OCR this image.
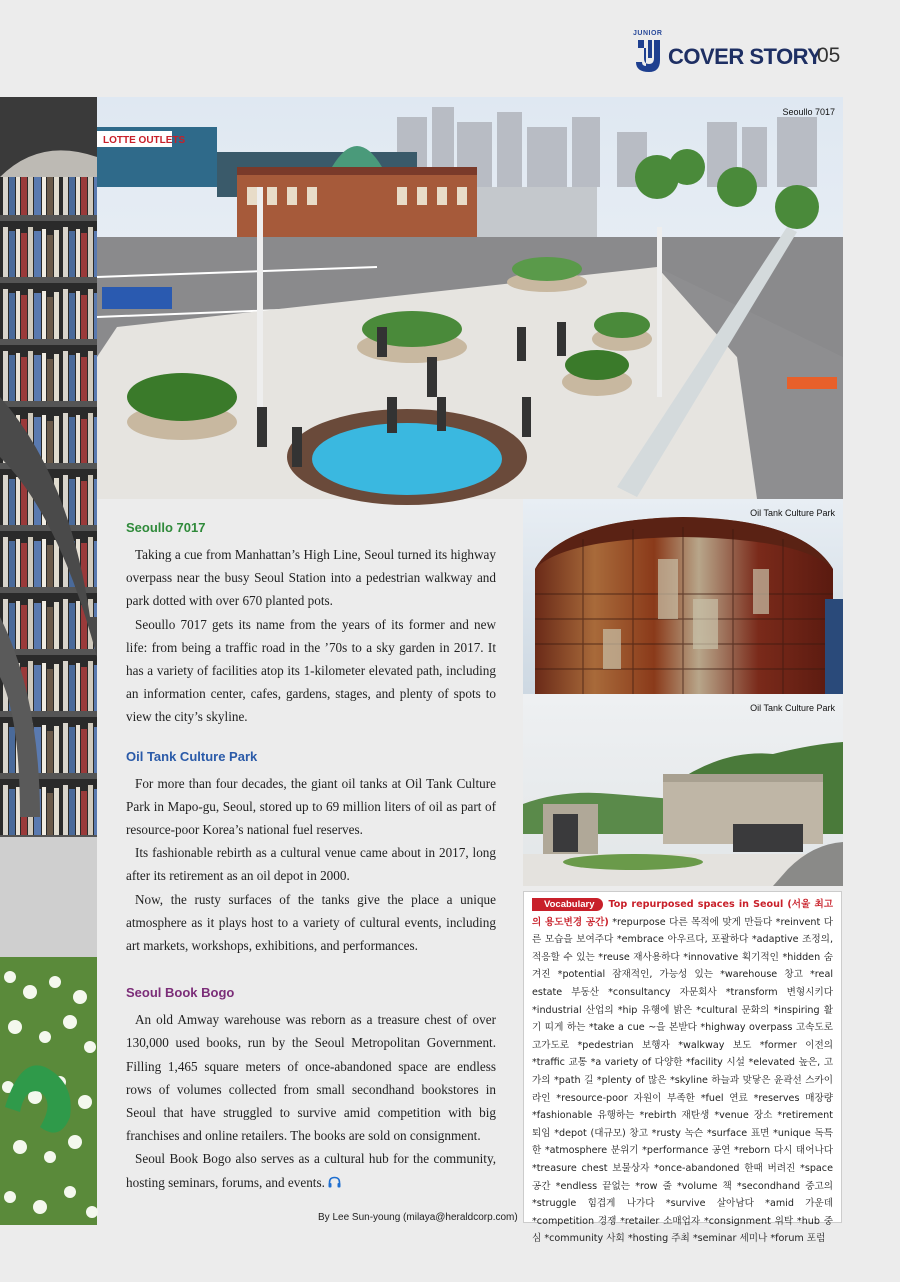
JUNIOR
COVER STORY
05
LOTTE OUTLETS
Seoullo 7017
Oil Tank Culture Park
Oil Tank Culture Park
Seoullo 7017

Taking a cue from Manhattan’s High Line, Seoul turned its highway overpass near the busy Seoul Station into a pedestrian walkway and park dotted with over 670 planted pots.

Seoullo 7017 gets its name from the years of its former and new life: from being a traffic road in the ’70s to a sky garden in 2017. It has a variety of facilities atop its 1-kilometer elevated path, including an information center, cafes, gardens, stages, and plenty of spots to view the city’s skyline.

Oil Tank Culture Park

For more than four decades, the giant oil tanks at Oil Tank Culture Park in Mapo-gu, Seoul, stored up to 69 million liters of oil as part of resource-poor Korea’s national fuel reserves.

Its fashionable rebirth as a cultural venue came about in 2017, long after its retirement as an oil depot in 2000.

Now, the rusty surfaces of the tanks give the place a unique atmosphere as it plays host to a variety of cultural events, including art markets, workshops, exhibitions, and performances.

Seoul Book Bogo

An old Amway warehouse was reborn as a treasure chest of over 130,000 used books, run by the Seoul Metropolitan Government. Filling 1,465 square meters of once-abandoned space are endless rows of volumes collected from small secondhand bookstores in Seoul that have struggled to survive amid competition with big franchises and online retailers. The books are sold on consignment.

Seoul Book Bogo also serves as a cultural hub for the community, hosting seminars, forums, and events.

By Lee Sun-young (milaya@heraldcorp.com)

Vocabulary Top repurposed spaces in Seoul (서울 최고의 용도변경 공간) *repurpose 다른 목적에 맞게 만들다 *reinvent 다른 모습을 보여주다 *embrace 아우르다, 포괄하다 *adaptive 조정의, 적응할 수 있는 *reuse 재사용하다 *innovative 획기적인 *hidden 숨겨진 *potential 잠재적인, 가능성 있는 *warehouse 창고 *real estate 부동산 *consultancy 자문회사 *transform 변형시키다 *industrial 산업의 *hip 유행에 밝은 *cultural 문화의 *inspiring 활기 띠게 하는 *take a cue ~을 본받다 *highway overpass 고속도로 고가도로 *pedestrian 보행자 *walkway 보도 *former 이전의 *traffic 교통 *a variety of 다양한 *facility 시설 *elevated 높은, 고가의 *path 길 *plenty of 많은 *skyline 하늘과 맞닿은 윤곽선 스카이라인 *resource-poor 자원이 부족한 *fuel 연료 *reserves 매장량 *fashionable 유행하는 *rebirth 재탄생 *venue 장소 *retirement 퇴임 *depot (대규모) 창고 *rusty 녹슨 *surface 표면 *unique 독특한 *atmosphere 분위기 *performance 공연 *reborn 다시 태어나다 *treasure chest 보물상자 *once-abandoned 한때 버려진 *space 공간 *endless 끝없는 *row 줄 *volume 책 *secondhand 중고의 *struggle 힘겹게 나가다 *survive 살아남다 *amid 가운데 *competition 경쟁 *retailer 소매업자 *consignment 위탁 *hub 중심 *community 사회 *hosting 주최 *seminar 세미나 *forum 포럼
